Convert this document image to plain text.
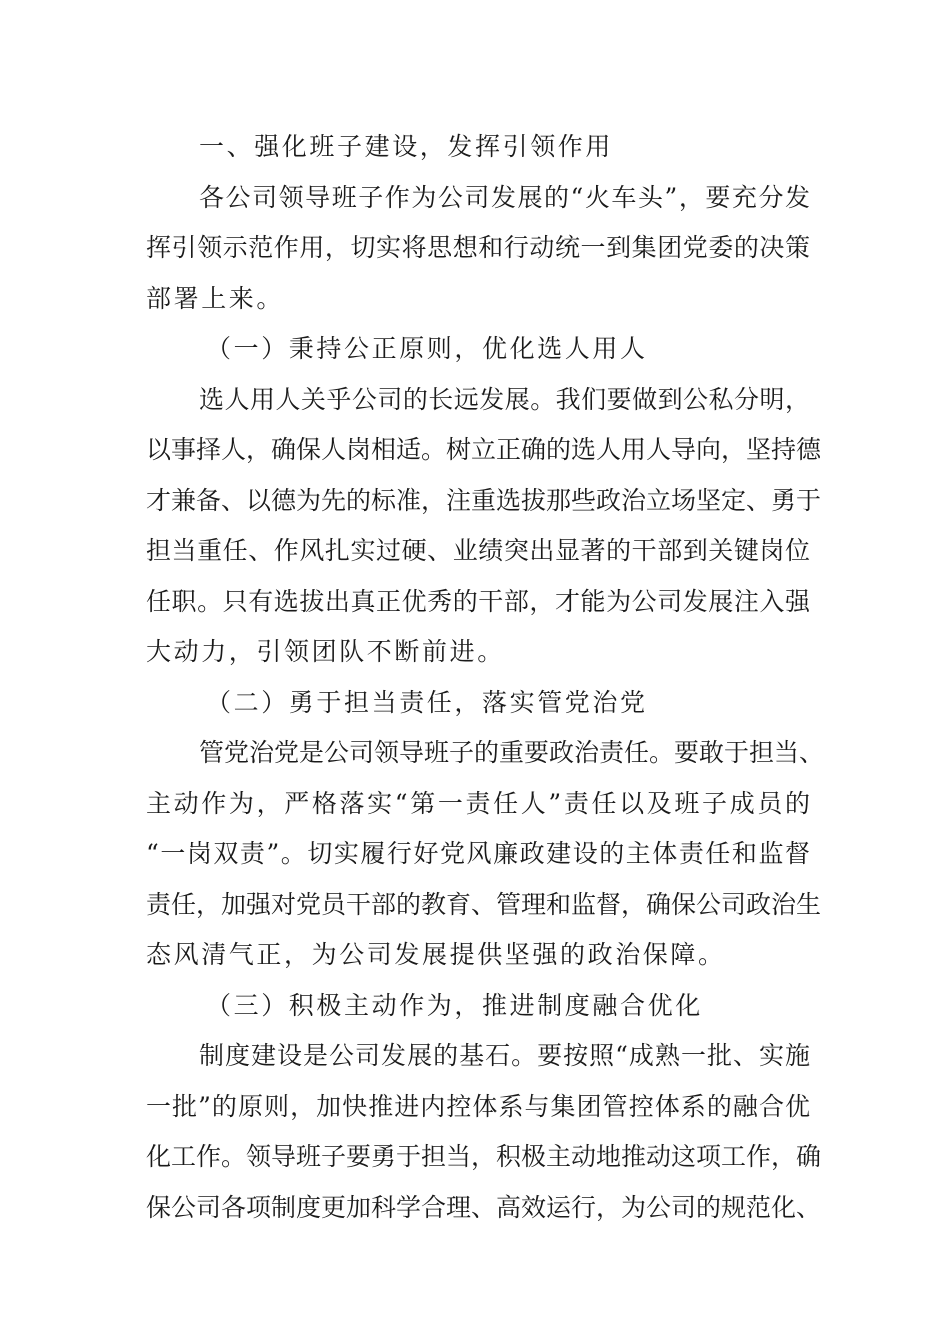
一、强化班子建设，发挥引领作用

各公司领导班子作为公司发展的“火车头”，要充分发

挥引领示范作用，切实将思想和行动统一到集团党委的决策

部署上来。

（一）秉持公正原则，优化选人用人

选人用人关乎公司的长远发展。我们要做到公私分明，

以事择人，确保人岗相适。树立正确的选人用人导向，坚持德

才兼备、以德为先的标准，注重选拔那些政治立场坚定、勇于

担当重任、作风扎实过硬、业绩突出显著的干部到关键岗位

任职。只有选拔出真正优秀的干部，才能为公司发展注入强

大动力，引领团队不断前进。

（二）勇于担当责任，落实管党治党

管党治党是公司领导班子的重要政治责任。要敢于担当、

主动作为，严格落实“第一责任人”责任以及班子成员的

“一岗双责”。切实履行好党风廉政建设的主体责任和监督

责任，加强对党员干部的教育、管理和监督，确保公司政治生

态风清气正，为公司发展提供坚强的政治保障。

（三）积极主动作为，推进制度融合优化

制度建设是公司发展的基石。要按照“成熟一批、实施

一批”的原则，加快推进内控体系与集团管控体系的融合优

化工作。领导班子要勇于担当，积极主动地推动这项工作，确

保公司各项制度更加科学合理、高效运行，为公司的规范化、
